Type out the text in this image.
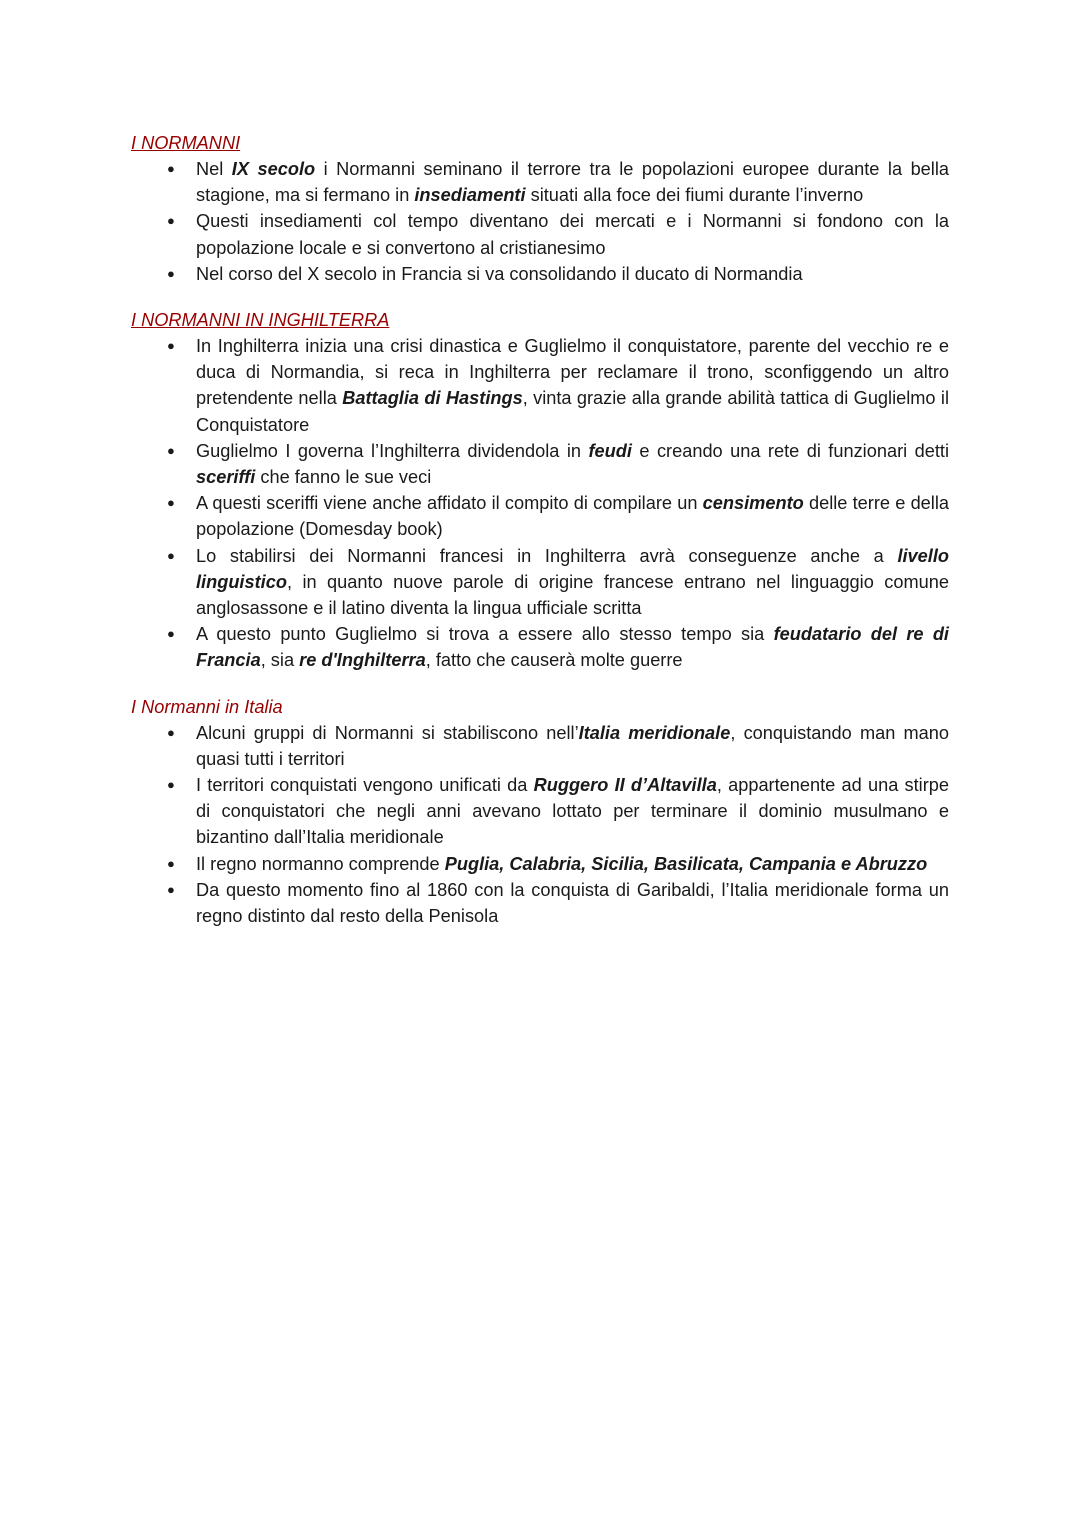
I NORMANNI
● Nel IX secolo i Normanni seminano il terrore tra le popolazioni europee durante la bella stagione, ma si fermano in insediamenti situati alla foce dei fiumi durante l’inverno
● Questi insediamenti col tempo diventano dei mercati e i Normanni si fondono con la popolazione locale e si convertono al cristianesimo
● Nel corso del X secolo in Francia si va consolidando il ducato di Normandia
I NORMANNI IN INGHILTERRA
● In Inghilterra inizia una crisi dinastica e Guglielmo il conquistatore, parente del vecchio re e duca di Normandia, si reca in Inghilterra per reclamare il trono, sconfiggendo un altro pretendente nella Battaglia di Hastings, vinta grazie alla grande abilità tattica di Guglielmo il Conquistatore
● Guglielmo I governa l’Inghilterra dividendola in feudi e creando una rete di funzionari detti sceriffi che fanno le sue veci
● A questi sceriffi viene anche affidato il compito di compilare un censimento delle terre e della popolazione (Domesday book)
● Lo stabilirsi dei Normanni francesi in Inghilterra avrà conseguenze anche a livello linguistico, in quanto nuove parole di origine francese entrano nel linguaggio comune anglosassone e il latino diventa la lingua ufficiale scritta
● A questo punto Guglielmo si trova a essere allo stesso tempo sia feudatario del re di Francia, sia re d'Inghilterra, fatto che causerà molte guerre
I Normanni in Italia
● Alcuni gruppi di Normanni si stabiliscono nell’Italia meridionale, conquistando man mano quasi tutti i territori
● I territori conquistati vengono unificati da Ruggero II d’Altavilla, appartenente ad una stirpe di conquistatori che negli anni avevano lottato per terminare il dominio musulmano e bizantino dall’Italia meridionale
● Il regno normanno comprende Puglia, Calabria, Sicilia, Basilicata, Campania e Abruzzo
● Da questo momento fino al 1860 con la conquista di Garibaldi, l’Italia meridionale forma un regno distinto dal resto della Penisola
